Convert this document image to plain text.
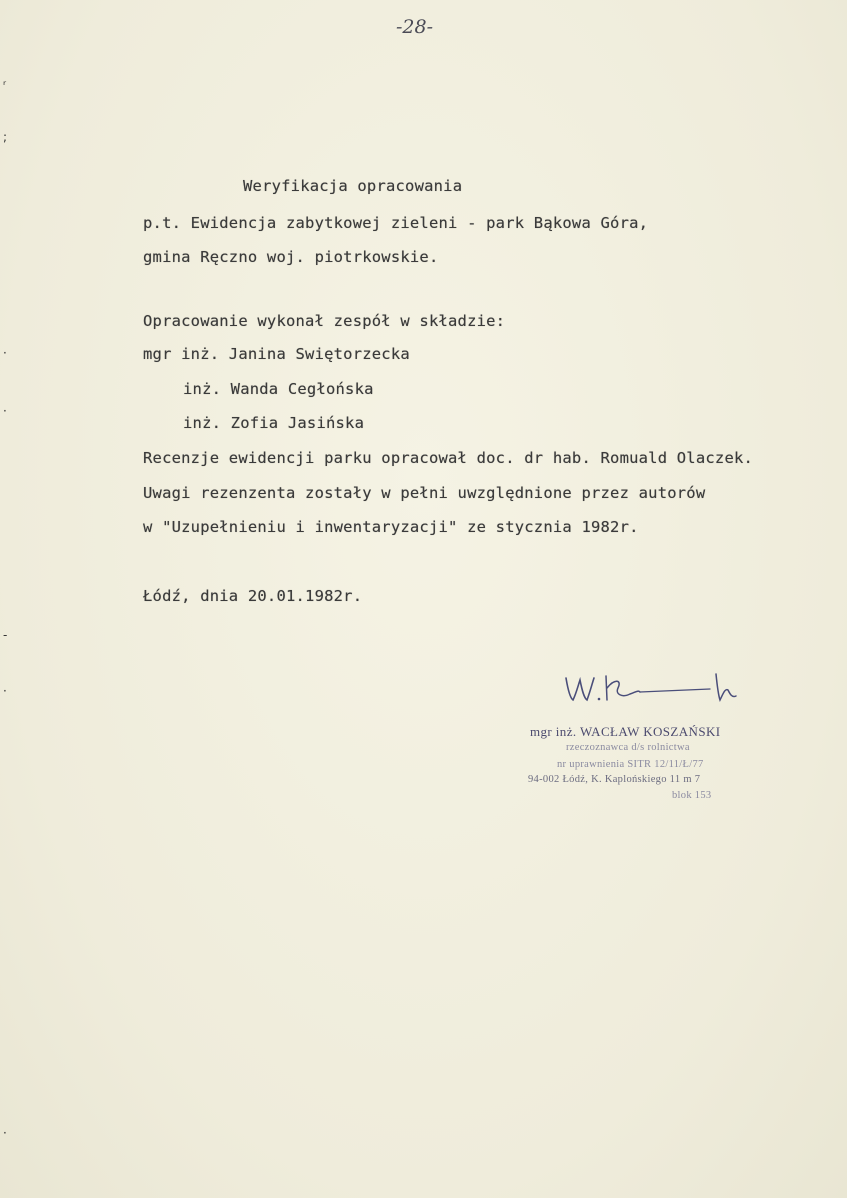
-28-
ʳ
;
·
·
-
·
·
Weryfikacja opracowania
p.t. Ewidencja zabytkowej zieleni - park Bąkowa Góra,
gmina Ręczno woj. piotrkowskie.
Opracowanie wykonał zespół w składzie:
mgr inż. Janina Swiętorzecka
inż. Wanda Cegłońska
inż. Zofia Jasińska
Recenzje ewidencji parku opracował doc. dr hab. Romuald Olaczek.
Uwagi rezenzenta zostały w pełni uwzględnione przez autorów
w "Uzupełnieniu i inwentaryzacji" ze stycznia 1982r.
Łódź, dnia 20.01.1982r.
mgr inż. WACŁAW KOSZAŃSKI
rzeczoznawca d/s rolnictwa
nr uprawnienia SITR 12/11/Ł/77
94-002 Łódź, K. Kaplońskiego 11 m 7
blok 153
